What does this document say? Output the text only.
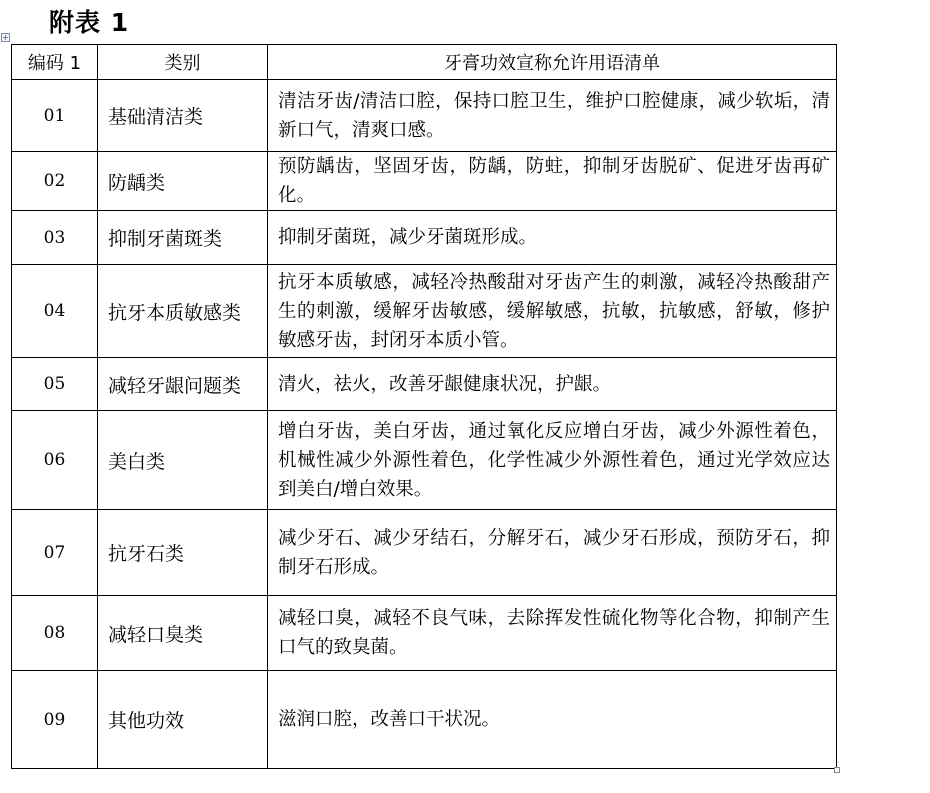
附表 1
+
编码 1	类别	牙膏功效宣称允许用语清单
01	基础清洁类	清洁牙齿/清洁口腔，保持口腔卫生，维护口腔健康，减少软垢，清新口气，清爽口感。
02	防龋类	预防龋齿，坚固牙齿，防龋，防蛀，抑制牙齿脱矿、促进牙齿再矿化。
03	抑制牙菌斑类	抑制牙菌斑，减少牙菌斑形成。
04	抗牙本质敏感类	抗牙本质敏感，减轻冷热酸甜对牙齿产生的刺激，减轻冷热酸甜产生的刺激，缓解牙齿敏感，缓解敏感，抗敏，抗敏感，舒敏，修护敏感牙齿，封闭牙本质小管。
05	减轻牙龈问题类	清火，祛火，改善牙龈健康状况，护龈。
06	美白类	增白牙齿，美白牙齿，通过氧化反应增白牙齿，减少外源性着色，机械性减少外源性着色，化学性减少外源性着色，通过光学效应达到美白/增白效果。
07	抗牙石类	减少牙石、减少牙结石，分解牙石，减少牙石形成，预防牙石，抑制牙石形成。
08	减轻口臭类	减轻口臭，减轻不良气味，去除挥发性硫化物等化合物，抑制产生口气的致臭菌。
09	其他功效	滋润口腔，改善口干状况。
